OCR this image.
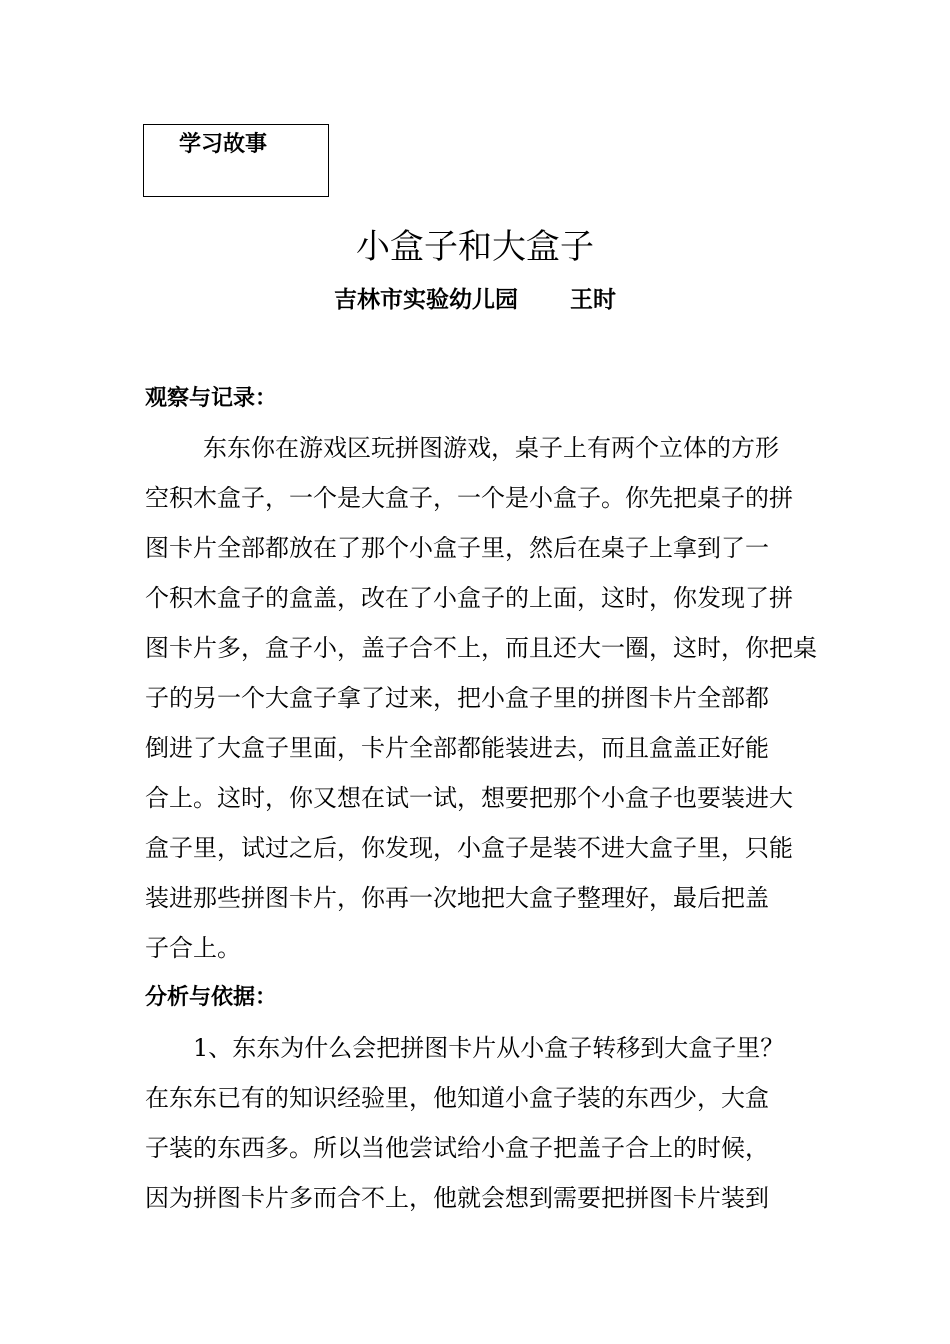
学习故事
小盒子和大盒子
吉林市实验幼儿园 王时
观察与记录：
东东你在游戏区玩拼图游戏，桌子上有两个立体的方形
空积木盒子，一个是大盒子，一个是小盒子。你先把桌子的拼
图卡片全部都放在了那个小盒子里，然后在桌子上拿到了一
个积木盒子的盒盖，改在了小盒子的上面，这时，你发现了拼
图卡片多，盒子小，盖子合不上，而且还大一圈，这时，你把桌
子的另一个大盒子拿了过来，把小盒子里的拼图卡片全部都
倒进了大盒子里面，卡片全部都能装进去，而且盒盖正好能
合上。这时，你又想在试一试，想要把那个小盒子也要装进大
盒子里，试过之后，你发现，小盒子是装不进大盒子里，只能
装进那些拼图卡片，你再一次地把大盒子整理好，最后把盖
子合上。
分析与依据：
1、东东为什么会把拼图卡片从小盒子转移到大盒子里？
在东东已有的知识经验里，他知道小盒子装的东西少，大盒
子装的东西多。所以当他尝试给小盒子把盖子合上的时候，
因为拼图卡片多而合不上，他就会想到需要把拼图卡片装到
